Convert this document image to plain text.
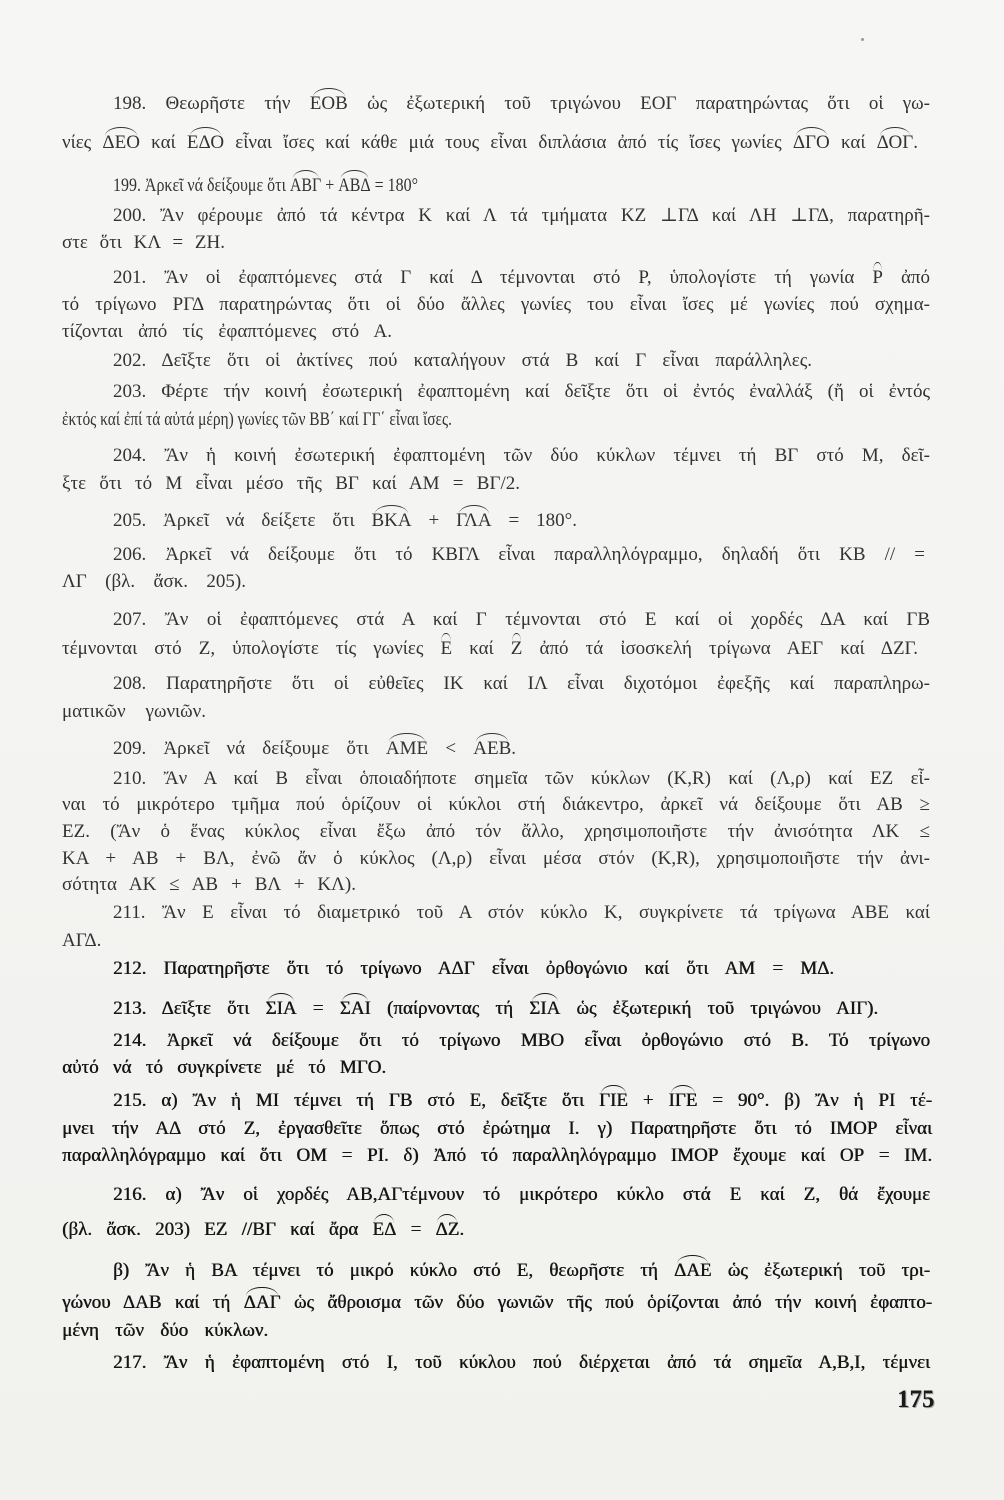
175
198. Θεωρῆστε τήν ΕΟΒ ὡς ἐξωτερική τοῦ τριγώνου ΕΟΓ παρατηρώντας ὅτι οἱ γω-
νίες ΔΕΟ καί ΕΔΟ εἶναι ἴσες καί κάθε μιά τους εἶναι διπλάσια ἀπό τίς ἴσες γωνίες ΔΓΟ καί ΔΟΓ.
199. Ἀρκεῖ νά δείξουμε ὅτι ΑΒΓ + ΑΒΔ = 180°
200. Ἄν φέρουμε ἀπό τά κέντρα Κ καί Λ τά τμήματα ΚΖ ⊥ΓΔ καί ΛΗ ⊥ΓΔ, παρατηρῆ-
στε ὅτι ΚΛ = ΖΗ.
201. Ἄν οἱ ἐφαπτόμενες στά Γ καί Δ τέμνονται στό Ρ, ὑπολογίστε τή γωνία Ρ ἀπό
τό τρίγωνο ΡΓΔ παρατηρώντας ὅτι οἱ δύο ἄλλες γωνίες του εἶναι ἴσες μέ γωνίες πού σχημα-
τίζονται ἀπό τίς ἐφαπτόμενες στό Α.
202. Δεῖξτε ὅτι οἱ ἀκτίνες πού καταλήγουν στά Β καί Γ εἶναι παράλληλες.
203. Φέρτε τήν κοινή ἐσωτερική ἐφαπτομένη καί δεῖξτε ὅτι οἱ ἐντός ἐναλλάξ (ἤ οἱ ἐντός
ἐκτός καί ἐπί τά αὐτά μέρη) γωνίες τῶν ΒΒ΄ καί ΓΓ΄ εἶναι ἴσες.
204. Ἄν ἡ κοινή ἐσωτερική ἐφαπτομένη τῶν δύο κύκλων τέμνει τή ΒΓ στό Μ, δεῖ-
ξτε ὅτι τό Μ εἶναι μέσο τῆς ΒΓ καί ΑΜ = ΒΓ/2.
205. Ἀρκεῖ νά δείξετε ὅτι ΒΚΑ + ΓΛΑ = 180°.
206. Ἀρκεῖ νά δείξουμε ὅτι τό ΚΒΓΛ εἶναι παραλληλόγραμμο, δηλαδή ὅτι ΚΒ // =
ΛΓ (βλ. ἄσκ. 205).
207. Ἄν οἱ ἐφαπτόμενες στά Α καί Γ τέμνονται στό Ε καί οἱ χορδές ΔΑ καί ΓΒ
τέμνονται στό Ζ, ὑπολογίστε τίς γωνίες Ε καί Ζ ἀπό τά ἰσοσκελή τρίγωνα ΑΕΓ καί ΔΖΓ.
208. Παρατηρῆστε ὅτι οἱ εὐθεῖες ΙΚ καί ΙΛ εἶναι διχοτόμοι ἐφεξῆς καί παραπληρω-
ματικῶν γωνιῶν.
209. Ἀρκεῖ νά δείξουμε ὅτι ΑΜΕ < ΑΕΒ.
210. Ἄν Α καί Β εἶναι ὁποιαδήποτε σημεῖα τῶν κύκλων (Κ,R) καί (Λ,ρ) καί ΕΖ εἶ-
ναι τό μικρότερο τμῆμα πού ὁρίζουν οἱ κύκλοι στή διάκεντρο, ἀρκεῖ νά δείξουμε ὅτι ΑΒ ≥
ΕΖ. (Ἄν ὁ ἕνας κύκλος εἶναι ἔξω ἀπό τόν ἄλλο, χρησιμοποιῆστε τήν ἀνισότητα ΛΚ ≤
ΚΑ + ΑΒ + ΒΛ, ἐνῶ ἄν ὁ κύκλος (Λ,ρ) εἶναι μέσα στόν (Κ,R), χρησιμοποιῆστε τήν ἀνι-
σότητα ΑΚ ≤ ΑΒ + ΒΛ + ΚΛ).
211. Ἄν Ε εἶναι τό διαμετρικό τοῦ Α στόν κύκλο Κ, συγκρίνετε τά τρίγωνα ΑΒΕ καί
ΑΓΔ.
212. Παρατηρῆστε ὅτι τό τρίγωνο ΑΔΓ εἶναι ὀρθογώνιο καί ὅτι ΑΜ = ΜΔ.
213. Δεῖξτε ὅτι ΣΙΑ = ΣΑΙ (παίρνοντας τή ΣΙΑ ὡς ἐξωτερική τοῦ τριγώνου ΑΙΓ).
214. Ἀρκεῖ νά δείξουμε ὅτι τό τρίγωνο ΜΒΟ εἶναι ὀρθογώνιο στό Β. Τό τρίγωνο
αὐτό νά τό συγκρίνετε μέ τό ΜΓΟ.
215. α) Ἄν ἡ ΜΙ τέμνει τή ΓΒ στό Ε, δεῖξτε ὅτι ΓΙΕ + ΙΓΕ = 90°. β) Ἄν ἡ ΡΙ τέ-
μνει τήν ΑΔ στό Ζ, ἐργασθεῖτε ὅπως στό ἐρώτημα Ι. γ) Παρατηρῆστε ὅτι τό ΙΜΟΡ εἶναι
παραλληλόγραμμο καί ὅτι ΟΜ = ΡΙ. δ) Ἀπό τό παραλληλόγραμμο ΙΜΟΡ ἔχουμε καί ΟΡ = ΙΜ.
216. α) Ἄν οἱ χορδές ΑΒ,ΑΓτέμνουν τό μικρότερο κύκλο στά Ε καί Ζ, θά ἔχουμε
(βλ. ἄσκ. 203) ΕΖ //ΒΓ καί ἄρα ΕΔ = ΔΖ.
β) Ἄν ἡ ΒΑ τέμνει τό μικρό κύκλο στό Ε, θεωρῆστε τή ΔΑΕ ὡς ἐξωτερική τοῦ τρι-
γώνου ΔΑΒ καί τή ΔΑΓ ὡς ἄθροισμα τῶν δύο γωνιῶν τῆς πού ὁρίζονται ἀπό τήν κοινή ἐφαπτο-
μένη τῶν δύο κύκλων.
217. Ἄν ἡ ἐφαπτομένη στό Ι, τοῦ κύκλου πού διέρχεται ἀπό τά σημεῖα Α,Β,Ι, τέμνει
